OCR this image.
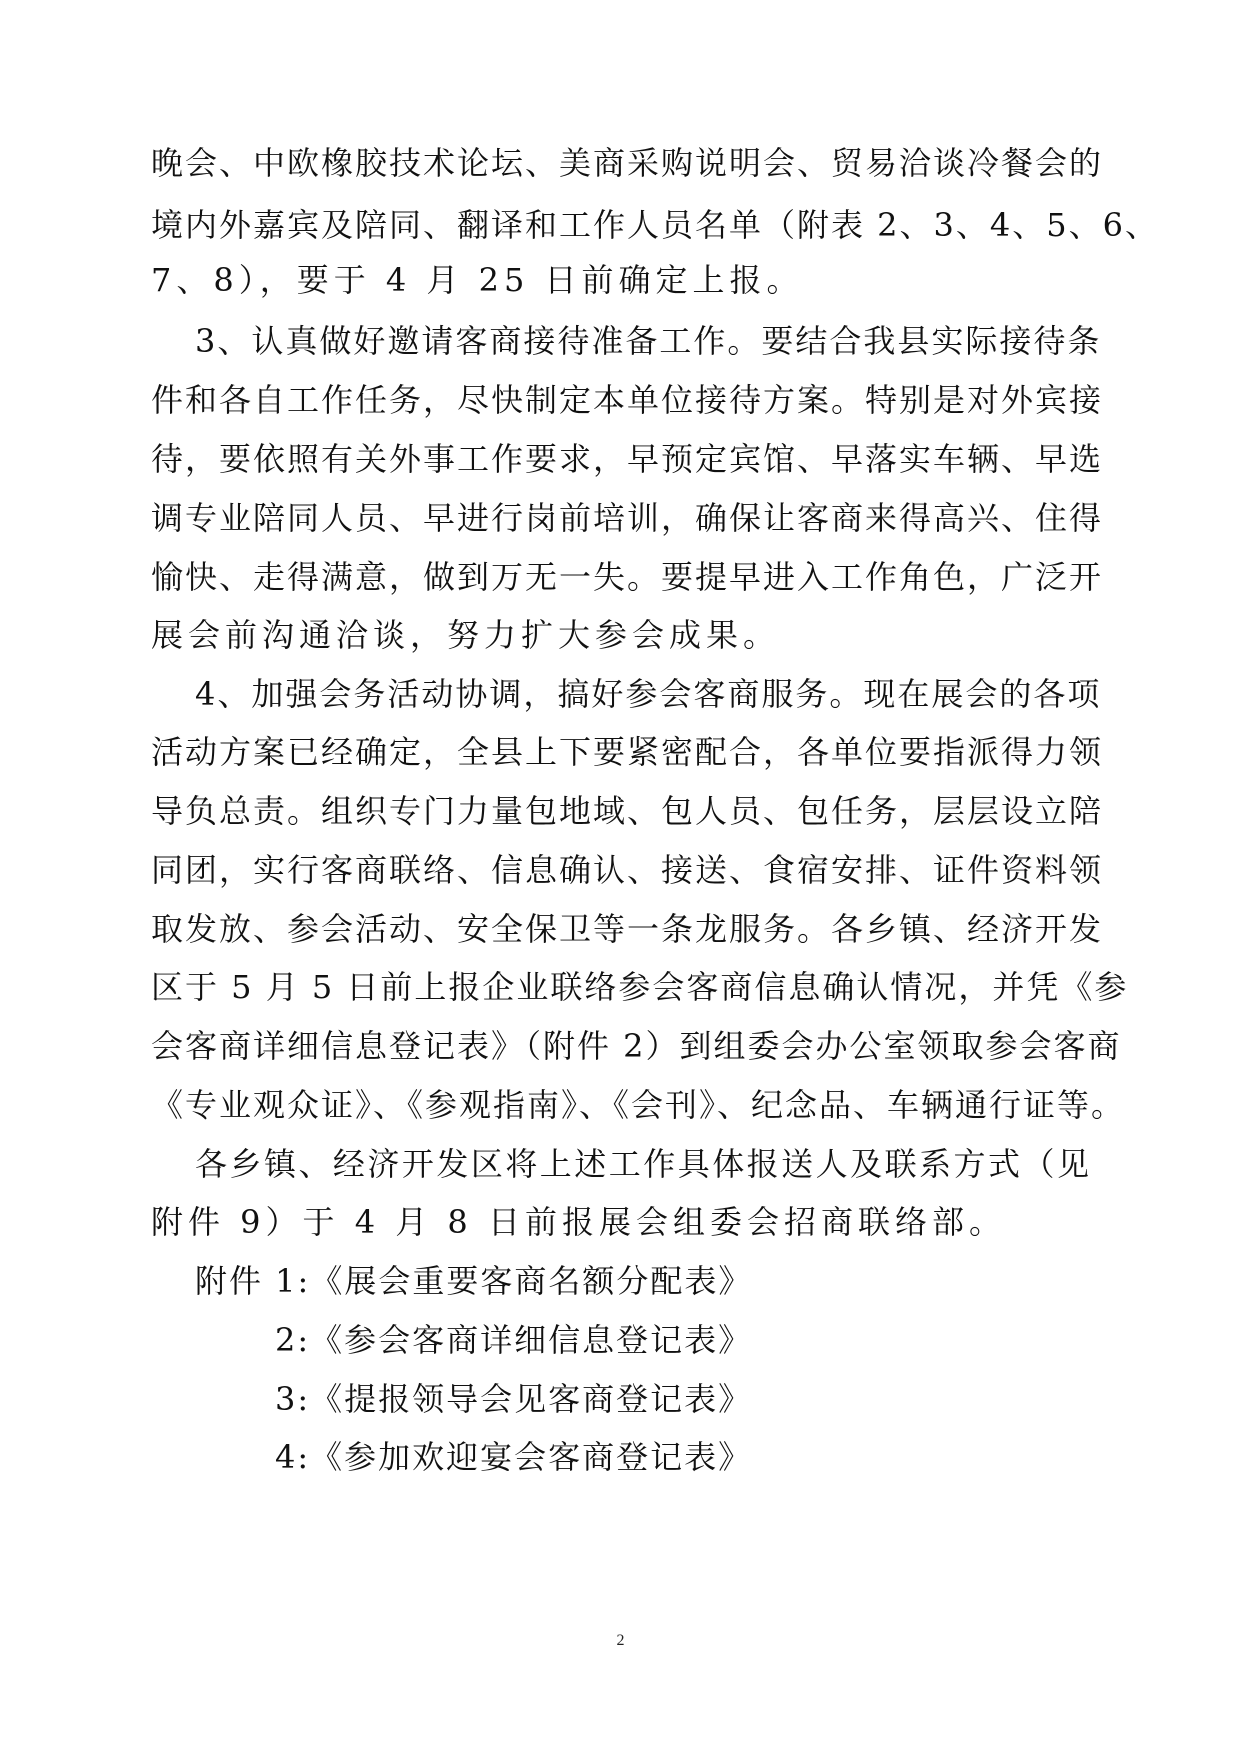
晚会、中欧橡胶技术论坛、美商采购说明会、贸易洽谈冷餐会的
境内外嘉宾及陪同、翻译和工作人员名单（附表 2、3、4、5、6、
7、8），要于 4 月 25 日前确定上报。
3、认真做好邀请客商接待准备工作。要结合我县实际接待条
件和各自工作任务，尽快制定本单位接待方案。特别是对外宾接
待，要依照有关外事工作要求，早预定宾馆、早落实车辆、早选
调专业陪同人员、早进行岗前培训，确保让客商来得高兴、住得
愉快、走得满意，做到万无一失。要提早进入工作角色，广泛开
展会前沟通洽谈，努力扩大参会成果。
4、加强会务活动协调，搞好参会客商服务。现在展会的各项
活动方案已经确定，全县上下要紧密配合，各单位要指派得力领
导负总责。组织专门力量包地域、包人员、包任务，层层设立陪
同团，实行客商联络、信息确认、接送、食宿安排、证件资料领
取发放、参会活动、安全保卫等一条龙服务。各乡镇、经济开发
区于 5 月 5 日前上报企业联络参会客商信息确认情况，并凭《参
会客商详细信息登记表》（附件 2）到组委会办公室领取参会客商
《专业观众证》、《参观指南》、《会刊》、纪念品、车辆通行证等。
各乡镇、经济开发区将上述工作具体报送人及联系方式（见
附件 9）于 4 月 8 日前报展会组委会招商联络部。
附件 1:《展会重要客商名额分配表》
2:《参会客商详细信息登记表》
3:《提报领导会见客商登记表》
4:《参加欢迎宴会客商登记表》
2
